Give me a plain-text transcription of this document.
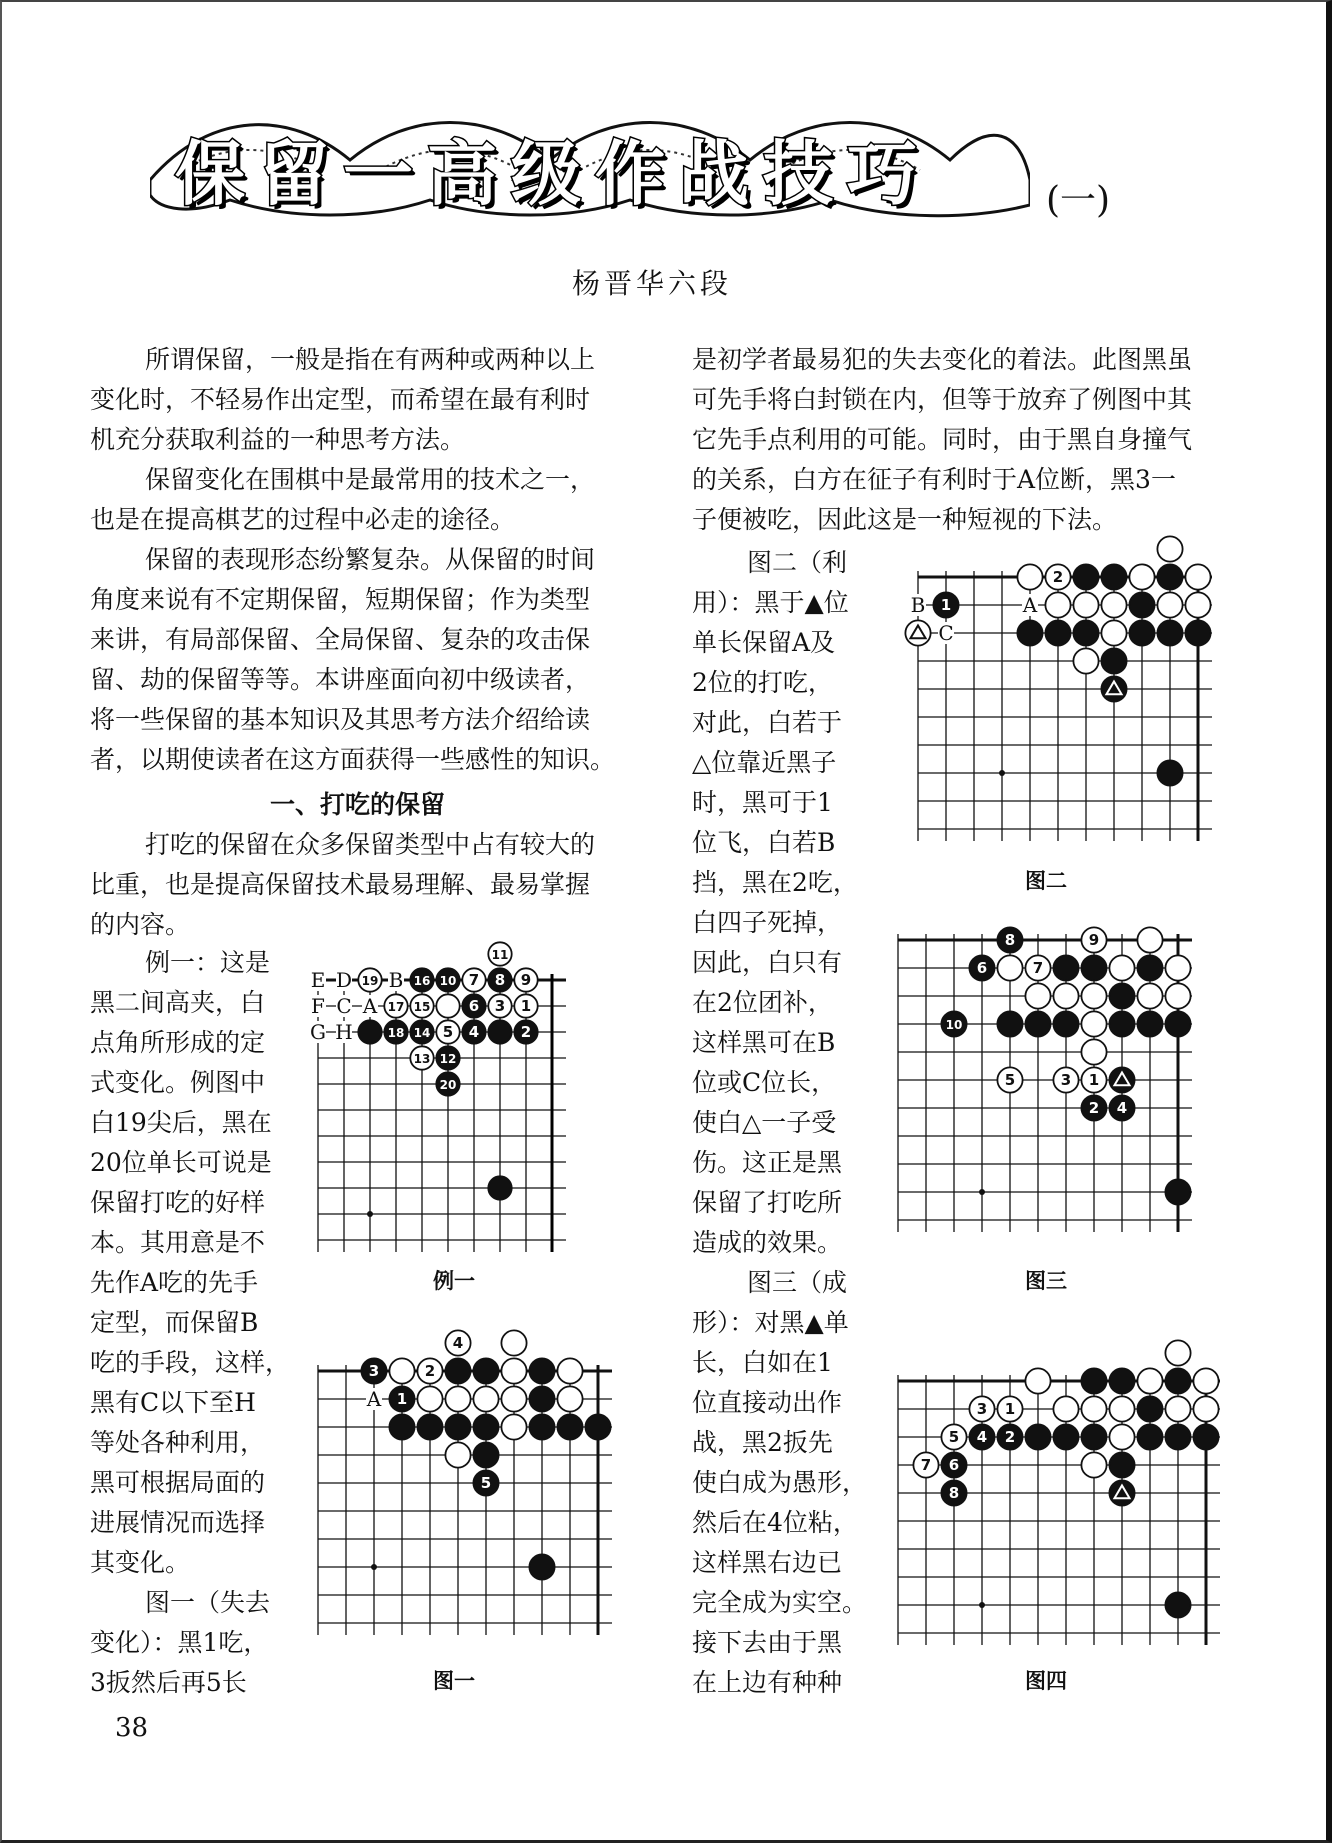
保留一高级作战技巧	(一)
杨晋华六段
所谓保留，一般是指在有两种或两种以上
变化时，不轻易作出定型，而希望在最有利时
机充分获取利益的一种思考方法。
保留变化在围棋中是最常用的技术之一，
也是在提高棋艺的过程中必走的途径。
保留的表现形态纷繁复杂。从保留的时间
角度来说有不定期保留，短期保留；作为类型
来讲，有局部保留、全局保留、复杂的攻击保
留、劫的保留等等。本讲座面向初中级读者，
将一些保留的基本知识及其思考方法介绍给读
者，以期使读者在这方面获得一些感性的知识。
一、打吃的保留
打吃的保留在众多保留类型中占有较大的
比重，也是提高保留技术最易理解、最易掌握
的内容。
例一：这是
黑二间高夹，白
点角所形成的定
式变化。例图中
白19尖后，黑在
20位单长可说是
保留打吃的好样
本。其用意是不
先作A吃的先手
定型，而保留B
吃的手段，这样，
黑有C以下至H
等处各种利用，
黑可根据局面的
进展情况而选择
其变化。
图一（失去
变化）：黑1吃，
3扳然后再5长
是初学者最易犯的失去变化的着法。此图黑虽
可先手将白封锁在内，但等于放弃了例图中其
它先手点利用的可能。同时，由于黑自身撞气
的关系，白方在征子有利时于A位断，黑3一
子便被吃，因此这是一种短视的下法。
图二（利
用）：黑于▲位
单长保留A及
2位的打吃，
对此，白若于
△位靠近黑子
时，黑可于1
位飞，白若B
挡，黑在2吃，
白四子死掉，
因此，白只有
在2位团补，
这样黑可在B
位或C位长，
使白△一子受
伤。这正是黑
保留了打吃所
造成的效果。
图三（成
形）：对黑▲单
长，白如在1
位直接动出作
战，黑2扳先
使白成为愚形，
然后在4位粘，
这样黑右边已
完全成为实空。
接下去由于黑
在上边有种种
E D B
F C A
G H
11
19	16 10 7 8 9
17 15	6 3 1
18 14 5 4	2
13 12
20
A
4
3	2
1
5
B	A
C
2
1
8	9
6	7
10
5	3 1
2 4
3 1
5 4 2
7 6
8
例一
图一
图二
图三
图四
38
